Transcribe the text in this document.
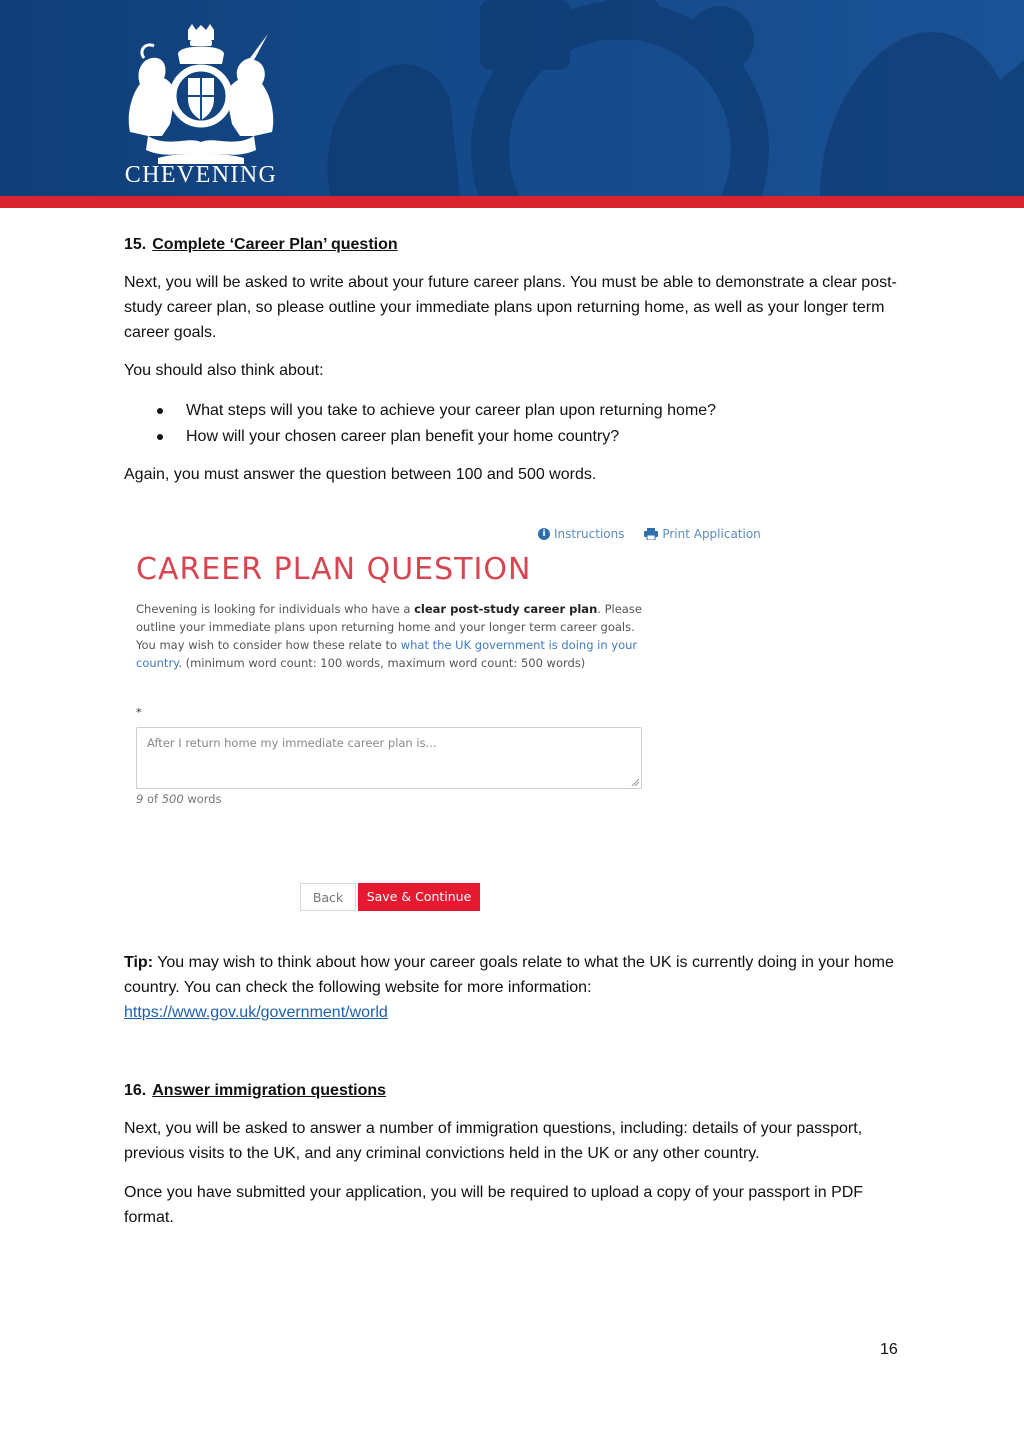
CHEVENING

15. Complete ‘Career Plan’ question

Next, you will be asked to write about your future career plans. You must be able to demonstrate a clear post-study career plan, so please outline your immediate plans upon returning home, as well as your longer term career goals.
You should also think about:
What steps will you take to achieve your career plan upon returning home?
How will your chosen career plan benefit your home country?
Again, you must answer the question between 100 and 500 words.
i Instructions	Print Application
CAREER PLAN QUESTION
Chevening is looking for individuals who have a clear post-study career plan. Please outline your immediate plans upon returning home and your longer term career goals. You may wish to consider how these relate to what the UK government is doing in your country. (minimum word count: 100 words, maximum word count: 500 words)
*
After I return home my immediate career plan is...
9 of 500 words
Back	Save & Continue
Tip: You may wish to think about how your career goals relate to what the UK is currently doing in your home country. You can check the following website for more information:
https://www.gov.uk/government/world

16. Answer immigration questions

Next, you will be asked to answer a number of immigration questions, including: details of your passport, previous visits to the UK, and any criminal convictions held in the UK or any other country.
Once you have submitted your application, you will be required to upload a copy of your passport in PDF format.
16
